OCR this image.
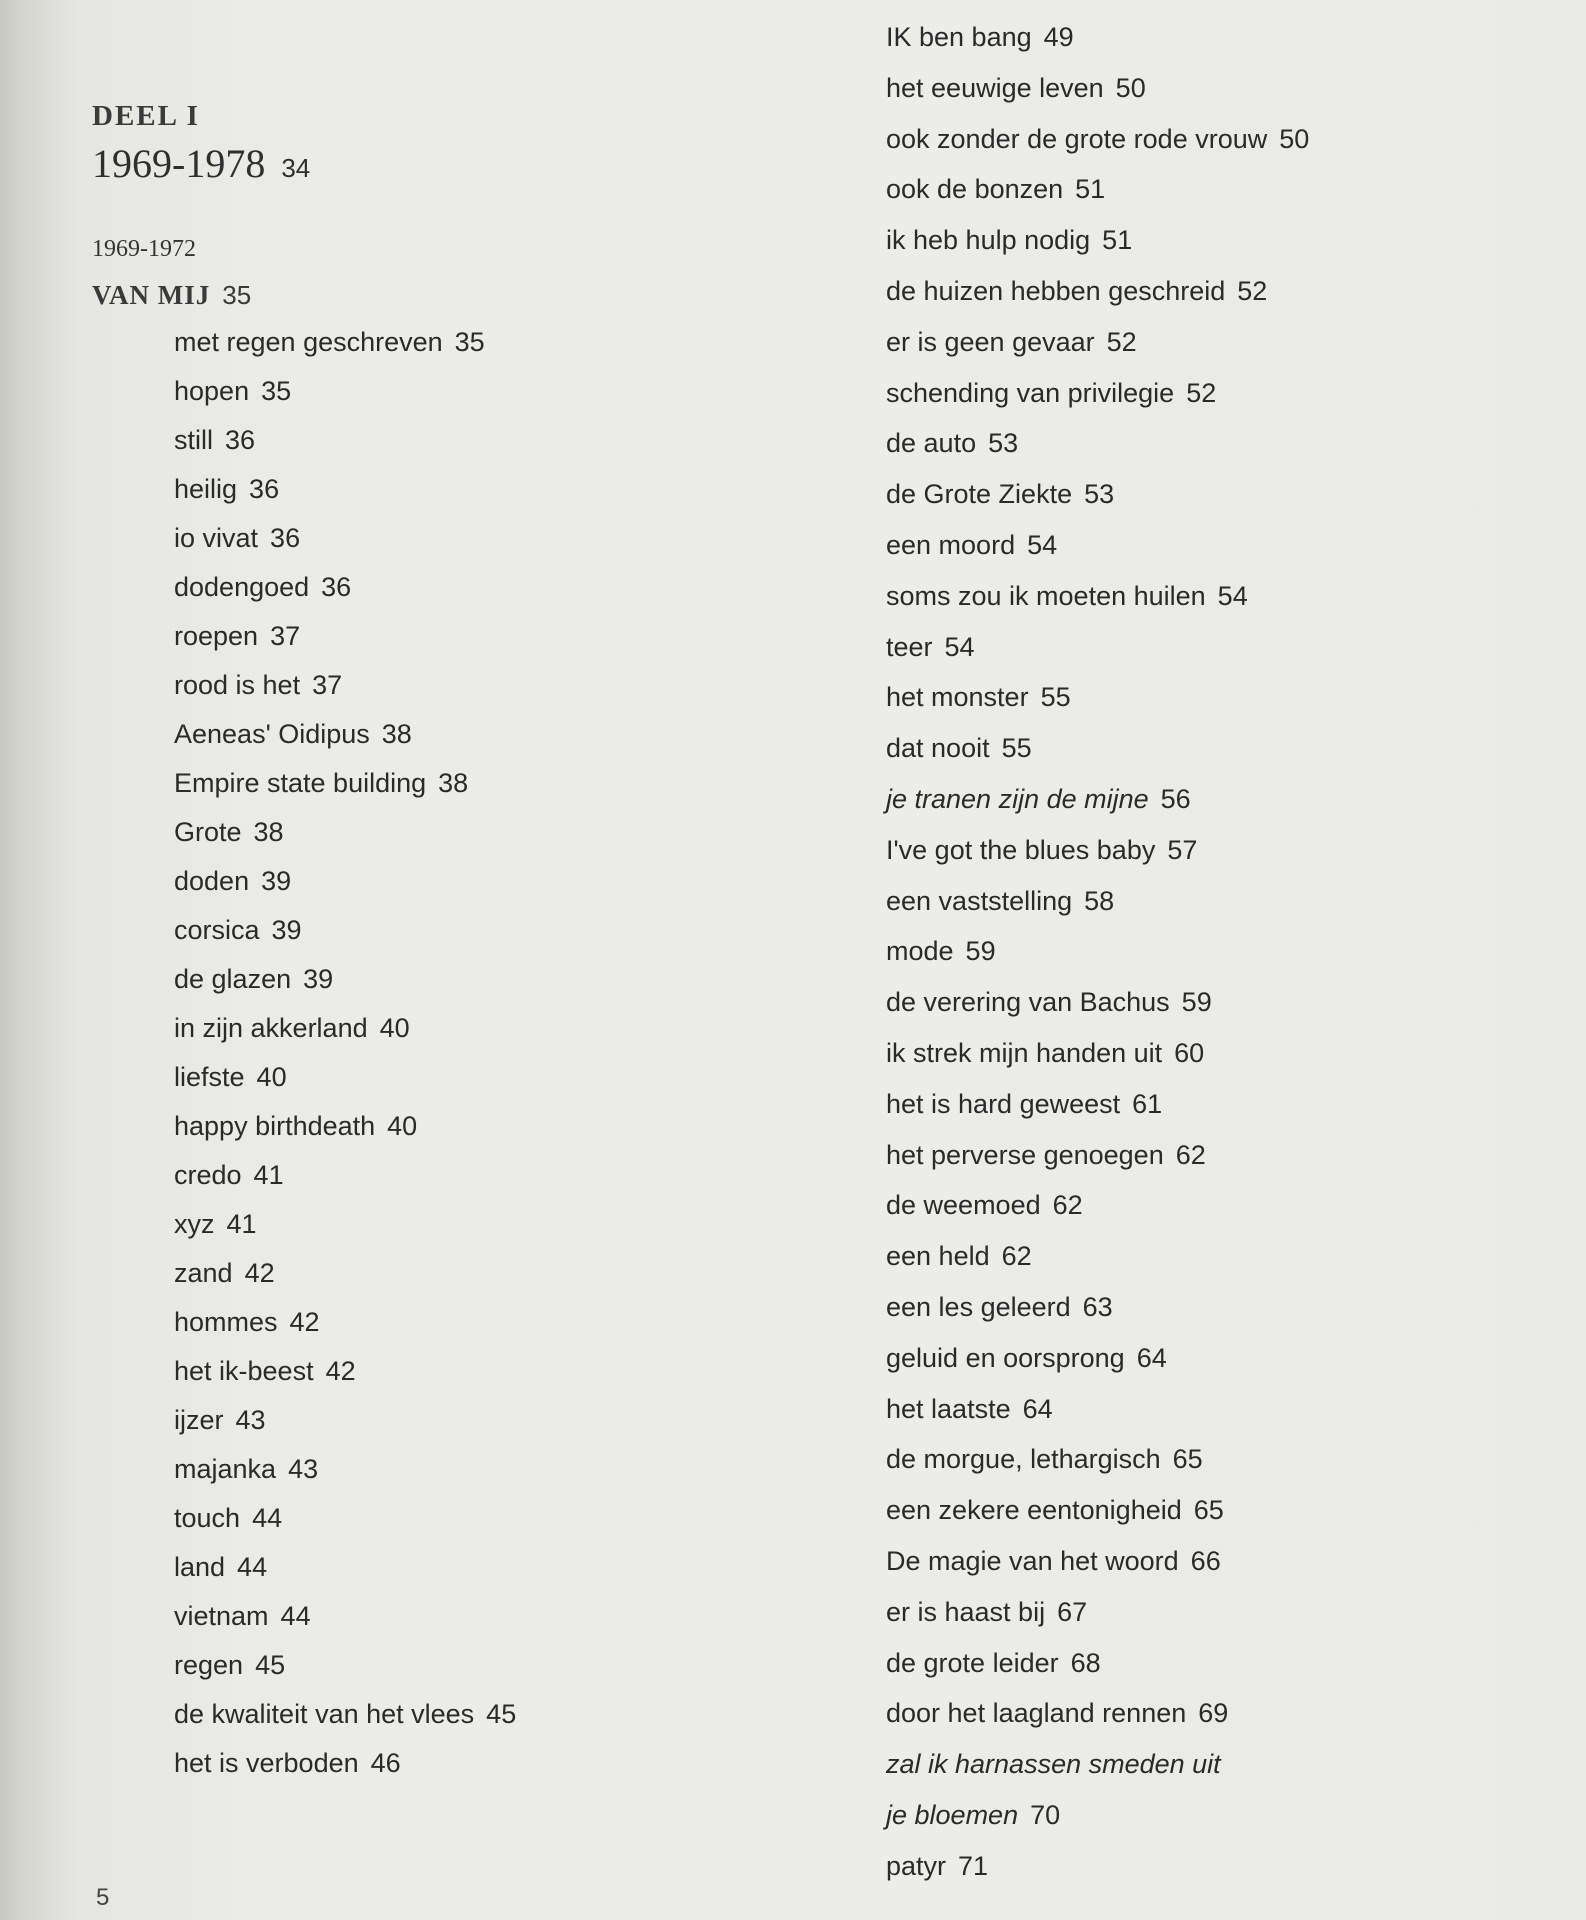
DEEL I
1969-1978 34
1969-1972
VAN MIJ 35
met regen geschreven 35
hopen 35
still 36
heilig 36
io vivat 36
dodengoed 36
roepen 37
rood is het 37
Aeneas' Oidipus 38
Empire state building 38
Grote 38
doden 39
corsica 39
de glazen 39
in zijn akkerland 40
liefste 40
happy birthdeath 40
credo 41
xyz 41
zand 42
hommes 42
het ik-beest 42
ijzer 43
majanka 43
touch 44
land 44
vietnam 44
regen 45
de kwaliteit van het vlees 45
het is verboden 46
IK ben bang 49
het eeuwige leven 50
ook zonder de grote rode vrouw 50
ook de bonzen 51
ik heb hulp nodig 51
de huizen hebben geschreid 52
er is geen gevaar 52
schending van privilegie 52
de auto 53
de Grote Ziekte 53
een moord 54
soms zou ik moeten huilen 54
teer 54
het monster 55
dat nooit 55
je tranen zijn de mijne 56
I've got the blues baby 57
een vaststelling 58
mode 59
de verering van Bachus 59
ik strek mijn handen uit 60
het is hard geweest 61
het perverse genoegen 62
de weemoed 62
een held 62
een les geleerd 63
geluid en oorsprong 64
het laatste 64
de morgue, lethargisch 65
een zekere eentonigheid 65
De magie van het woord 66
er is haast bij 67
de grote leider 68
door het laagland rennen 69
zal ik harnassen smeden uit
je bloemen 70
patyr 71
5
